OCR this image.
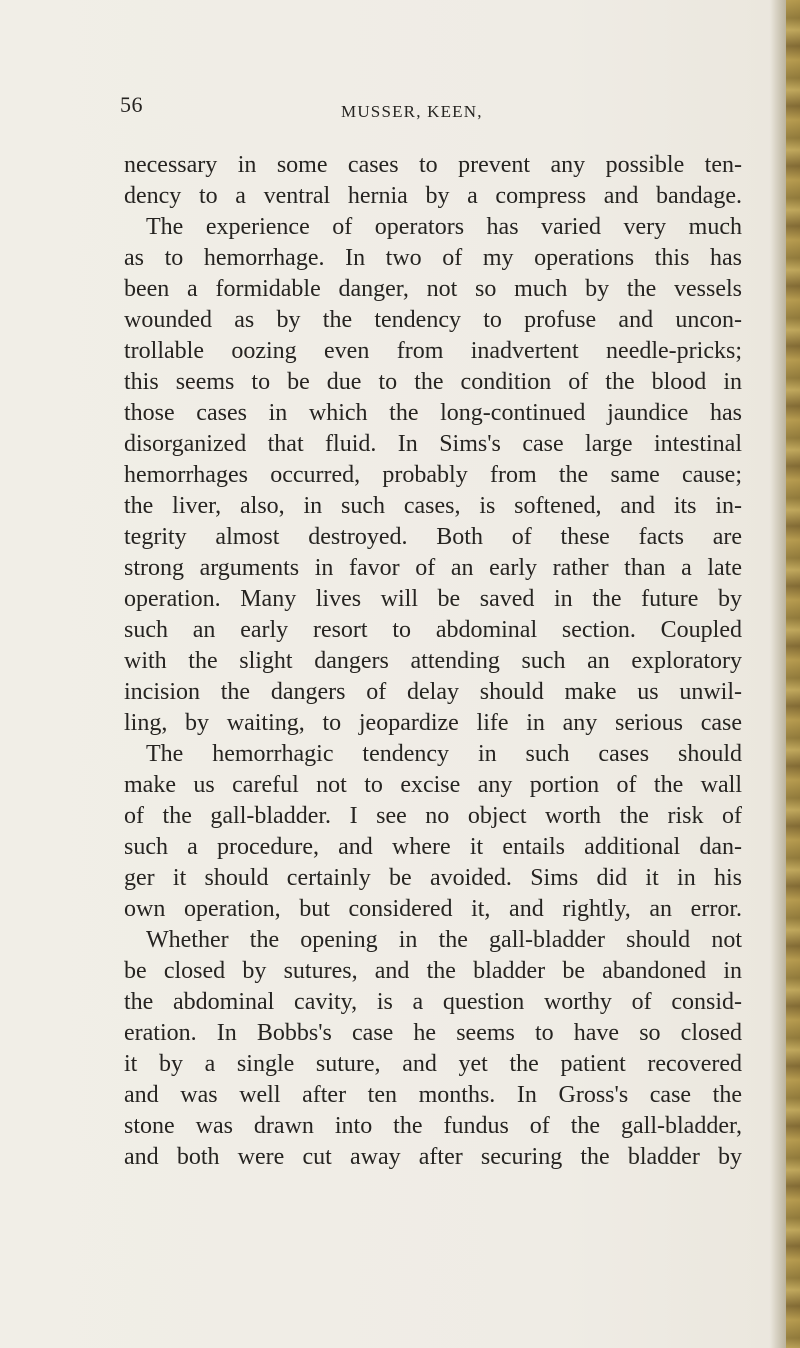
56	MUSSER, KEEN,
necessary in some cases to prevent any possible ten-
dency to a ventral hernia by a compress and bandage.
The experience of operators has varied very much
as to hemorrhage. In two of my operations this has
been a formidable danger, not so much by the vessels
wounded as by the tendency to profuse and uncon-
trollable oozing even from inadvertent needle-pricks;
this seems to be due to the condition of the blood in
those cases in which the long-continued jaundice has
disorganized that fluid. In Sims's case large intestinal
hemorrhages occurred, probably from the same cause;
the liver, also, in such cases, is softened, and its in-
tegrity almost destroyed. Both of these facts are
strong arguments in favor of an early rather than a late
operation. Many lives will be saved in the future by
such an early resort to abdominal section. Coupled
with the slight dangers attending such an exploratory
incision the dangers of delay should make us unwil-
ling, by waiting, to jeopardize life in any serious case
The hemorrhagic tendency in such cases should
make us careful not to excise any portion of the wall
of the gall-bladder. I see no object worth the risk of
such a procedure, and where it entails additional dan-
ger it should certainly be avoided. Sims did it in his
own operation, but considered it, and rightly, an error.
Whether the opening in the gall-bladder should not
be closed by sutures, and the bladder be abandoned in
the abdominal cavity, is a question worthy of consid-
eration. In Bobbs's case he seems to have so closed
it by a single suture, and yet the patient recovered
and was well after ten months. In Gross's case the
stone was drawn into the fundus of the gall-bladder,
and both were cut away after securing the bladder by
